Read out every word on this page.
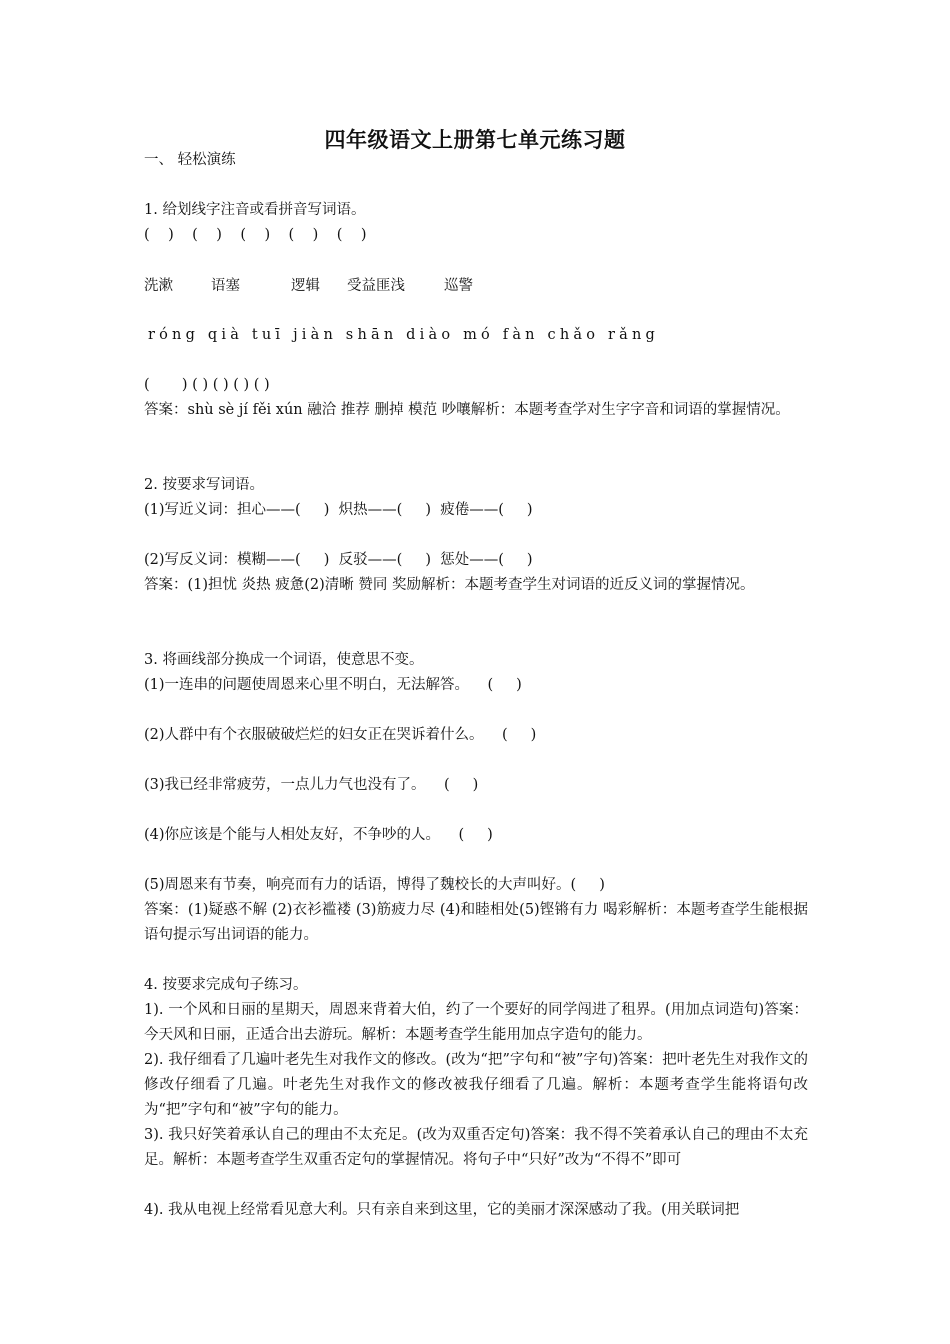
四年级语文上册第七单元练习题
一、 轻松演练
1. 给划线字注音或看拼音写词语。
(    )    (    )    (    )    (    )    (    )
洗漱	语塞	逻辑 受益匪浅	巡警
róng qià tuī jiàn shān diào mó fàn chǎo rǎng
(       ) ( ) ( ) ( ) ( )
答案：shù sè jí fěi xún 融洽 推荐 删掉 模范 吵嚷解析：本题考查学对生字字音和词语的掌握情况。
2. 按要求写词语。
(1)写近义词：担心——(     )  炽热——(     )  疲倦——(     )
(2)写反义词：模糊——(     )  反驳——(     )  惩处——(     )
答案：(1)担忧 炎热 疲惫(2)清晰 赞同 奖励解析：本题考查学生对词语的近反义词的掌握情况。
3. 将画线部分换成一个词语，使意思不变。
(1)一连串的问题使周恩来心里不明白，无法解答。    (     )
(2)人群中有个衣服破破烂烂的妇女正在哭诉着什么。    (     )
(3)我已经非常疲劳，一点儿力气也没有了。    (     )
(4)你应该是个能与人相处友好，不争吵的人。    (     )
(5)周恩来有节奏，响亮而有力的话语，博得了魏校长的大声叫好。(     )
答案：(1)疑惑不解 (2)衣衫褴褛 (3)筋疲力尽 (4)和睦相处(5)铿锵有力 喝彩解析：本题考查学生能根据语句提示写出词语的能力。
4. 按要求完成句子练习。
1). 一个风和日丽的星期天，周恩来背着大伯，约了一个要好的同学闯进了租界。(用加点词造句)答案：今天风和日丽，正适合出去游玩。解析：本题考查学生能用加点字造句的能力。
2). 我仔细看了几遍叶老先生对我作文的修改。(改为“把”字句和“被”字句)答案：把叶老先生对我作文的修改仔细看了几遍。叶老先生对我作文的修改被我仔细看了几遍。解析：本题考查学生能将语句改为“把”字句和“被”字句的能力。
3). 我只好笑着承认自己的理由不太充足。(改为双重否定句)答案：我不得不笑着承认自己的理由不太充足。解析：本题考查学生双重否定句的掌握情况。将句子中“只好”改为“不得不”即可
4). 我从电视上经常看见意大利。只有亲自来到这里，它的美丽才深深感动了我。(用关联词把
